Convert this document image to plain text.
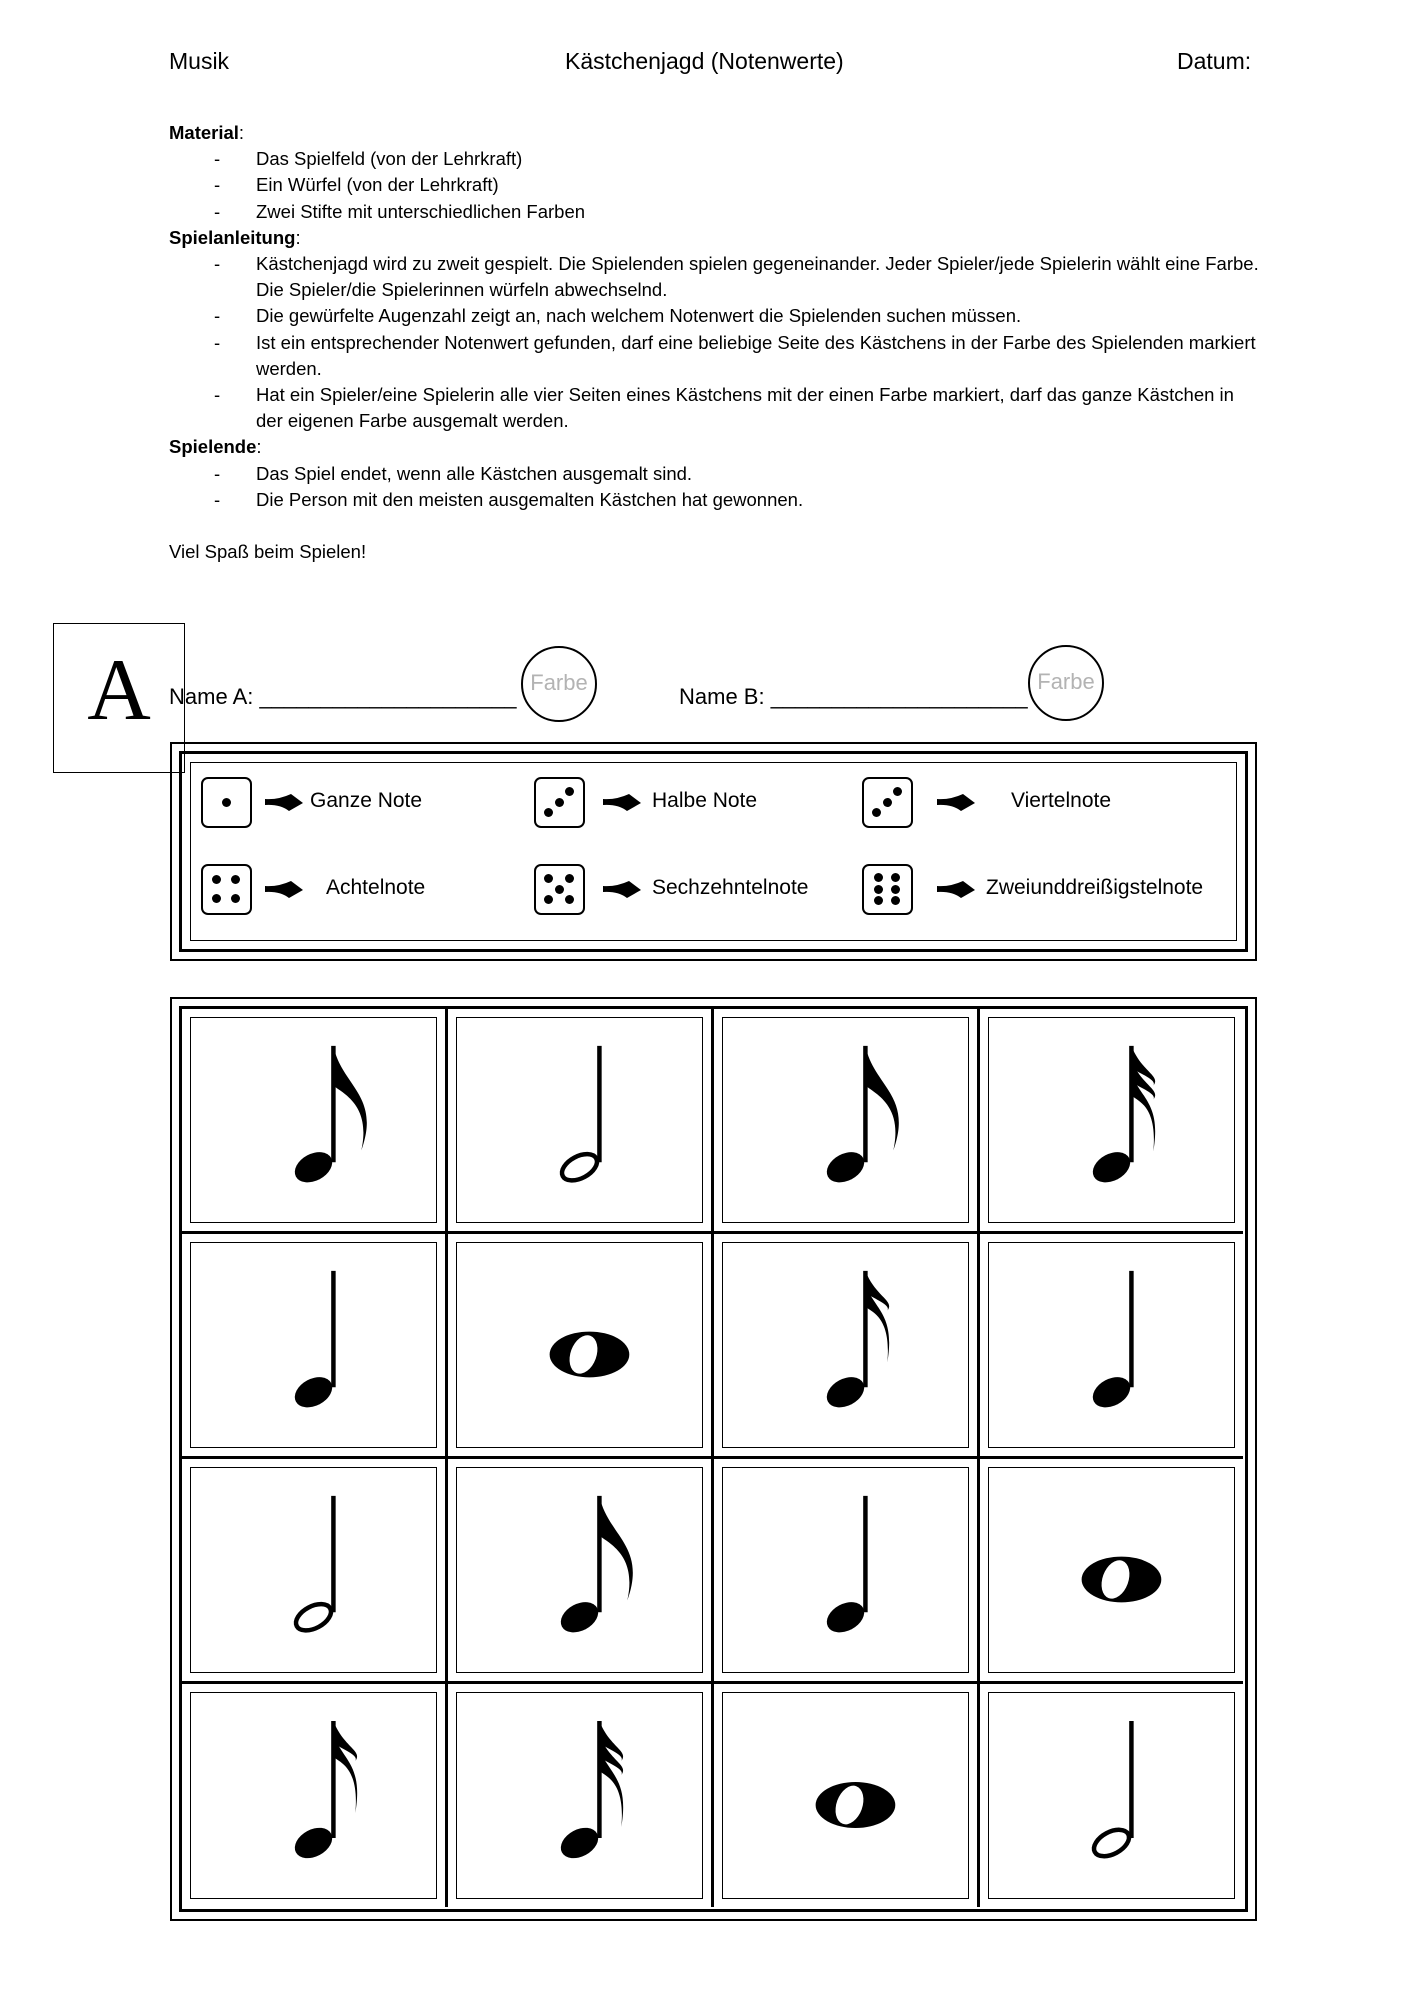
Musik	Kästchenjagd (Notenwerte)	Datum:
Material:
- Das Spielfeld (von der Lehrkraft)
- Ein Würfel (von der Lehrkraft)
- Zwei Stifte mit unterschiedlichen Farben
Spielanleitung:
- Kästchenjagd wird zu zweit gespielt. Die Spielenden spielen gegeneinander. Jeder Spieler/jede Spielerin wählt eine Farbe. Die Spieler/die Spielerinnen würfeln abwechselnd.
- Die gewürfelte Augenzahl zeigt an, nach welchem Notenwert die Spielenden suchen müssen.
- Ist ein entsprechender Notenwert gefunden, darf eine beliebige Seite des Kästchens in der Farbe des Spielenden markiert werden.
- Hat ein Spieler/eine Spielerin alle vier Seiten eines Kästchens mit der einen Farbe markiert, darf das ganze Kästchen in der eigenen Farbe ausgemalt werden.
Spielende:
- Das Spiel endet, wenn alle Kästchen ausgemalt sind.
- Die Person mit den meisten ausgemalten Kästchen hat gewonnen.
Viel Spaß beim Spielen!
A Name A: _____________________
Farbe
Name B: _____________________
Farbe
Ganze Note	Halbe Note	Viertelnote
Achtelnote	Sechzehntelnote	Zweiunddreißigstelnote
